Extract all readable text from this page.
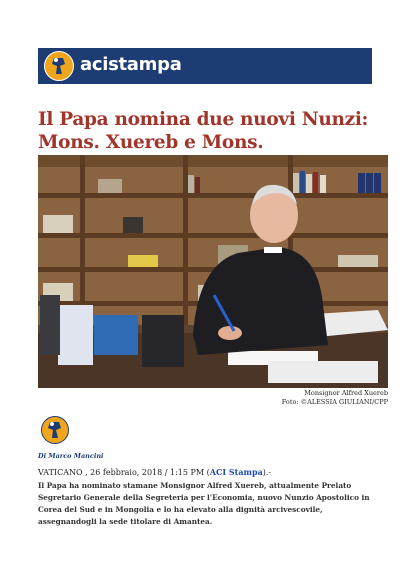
acistampa
Il Papa nomina due nuovi Nunzi:
Mons. Xuereb e Mons.
Monsignor Alfred Xuereb
Foto: ©ALESSIA GIULIANI/CPP
Di Marco Mancini
VATICANO , 26 febbraio, 2018 / 1:15 PM (ACI Stampa).-

Il Papa ha nominato stamane Monsignor Alfred Xuereb, attualmente Prelato Segretario Generale della Segreteria per l'Economia, nuovo Nunzio Apostolico in Corea del Sud e in Mongolia e lo ha elevato alla dignità arcivescovile, assegnandogli la sede titolare di Amantea.
